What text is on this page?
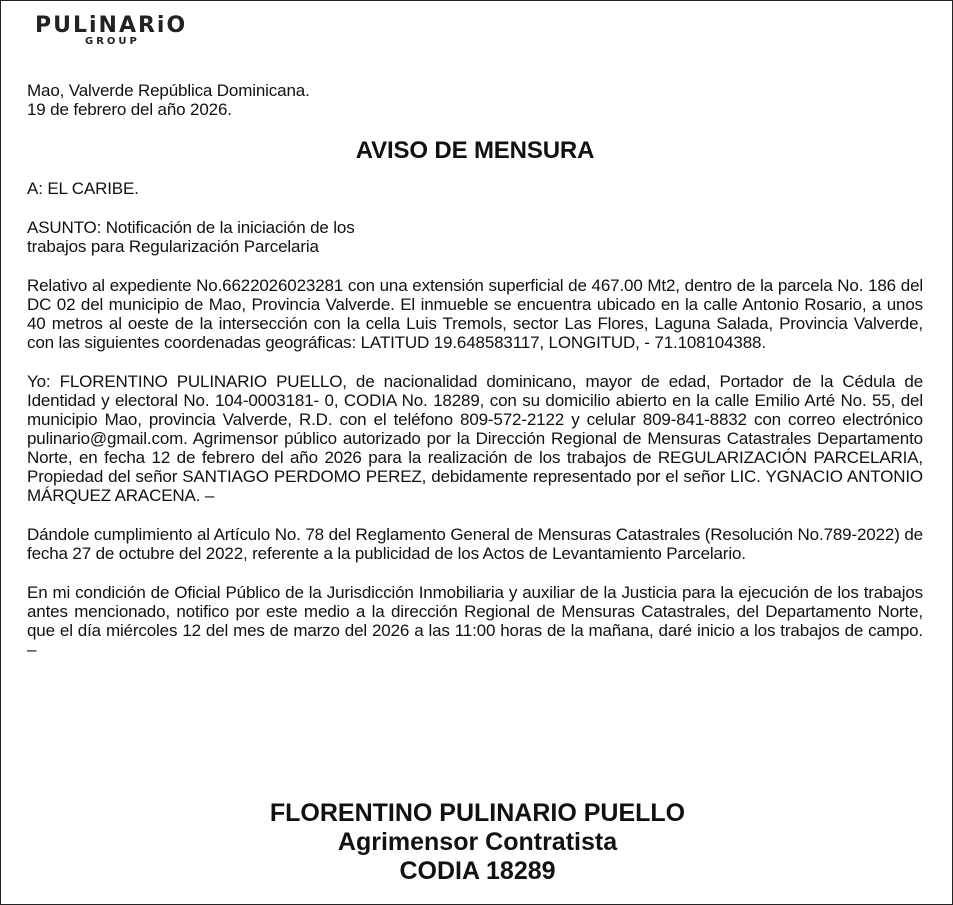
PULiNARiO
GROUP

Mao, Valverde República Dominicana.

19 de febrero del año 2026.

AVISO DE MENSURA

A: EL CARIBE.

ASUNTO: Notificación de la iniciación de los

trabajos para Regularización Parcelaria

Relativo al expediente No.6622026023281 con una extensión superficial de 467.00 Mt2, dentro de la parcela No. 186 del DC 02 del municipio de Mao, Provincia Valverde. El inmueble se encuentra ubicado en la calle Antonio Rosario, a unos 40 metros al oeste de la intersección con la cella Luis Tremols, sector Las Flores, Laguna Salada, Provincia Valverde, con las siguientes coordenadas geográficas: LATITUD 19.648583117, LONGITUD, - 71.108104388.

Yo: FLORENTINO PULINARIO PUELLO, de nacionalidad dominicano, mayor de edad, Portador de la Cédula de Identidad y electoral No. 104-0003181- 0, CODIA No. 18289, con su domicilio abierto en la calle Emilio Arté No. 55, del municipio Mao, provincia Valverde, R.D. con el teléfono 809-572-2122 y celular 809-841-8832 con correo electrónico pulinario@gmail.com. Agrimensor público autorizado por la Dirección Regional de Mensuras Catastrales Departamento Norte, en fecha 12 de febrero del año 2026 para la realización de los trabajos de REGULARIZACIÓN PARCELARIA, Propiedad del señor SANTIAGO PERDOMO PEREZ, debidamente representado por el señor LIC. YGNACIO ANTONIO MÁRQUEZ ARACENA. –

Dándole cumplimiento al Artículo No. 78 del Reglamento General de Mensuras Catastrales (Resolución No.789-2022) de fecha 27 de octubre del 2022, referente a la publicidad de los Actos de Levantamiento Parcelario.

En mi condición de Oficial Público de la Jurisdicción Inmobiliaria y auxiliar de la Justicia para la ejecución de los trabajos antes mencionado, notifico por este medio a la dirección Regional de Mensuras Catastrales, del Departamento Norte, que el día miércoles 12 del mes de marzo del 2026 a las 11:00 horas de la mañana, daré inicio a los trabajos de campo. –

FLORENTINO PULINARIO PUELLO
Agrimensor Contratista
CODIA 18289
